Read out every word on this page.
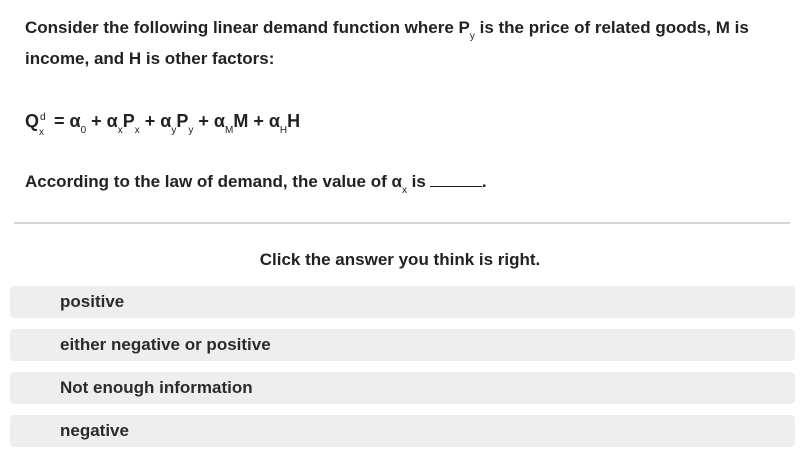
Consider the following linear demand function where $P_y$ is the price of related goods, M is

income, and H is other factors:

Q d
x
= $\alpha_0 + \alpha_xP_x + \alpha_yP_y + \alpha_MM + \alpha_HH$
According to the law of demand, the value of $\alpha_x$ is	.
Click the answer you think is right.
positive
either negative or positive
Not enough information
negative
